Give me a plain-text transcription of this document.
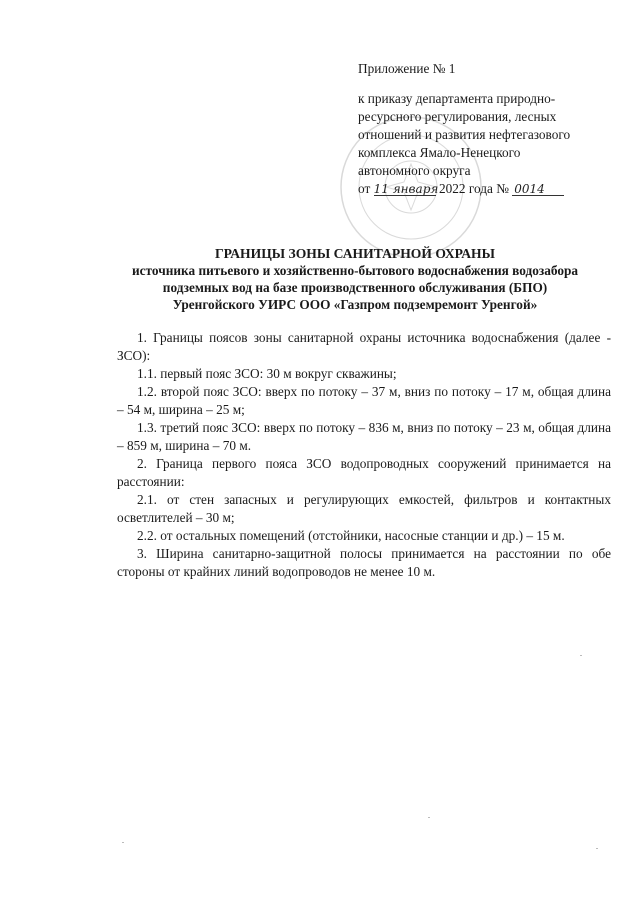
Приложение № 1
к приказу департамента природно-
ресурсного регулирования, лесных
отношений и развития нефтегазового
комплекса Ямало-Ненецкого
автономного округа
от 11 января 2022 года № 0014
ГРАНИЦЫ ЗОНЫ САНИТАРНОЙ ОХРАНЫ
источника питьевого и хозяйственно-бытового водоснабжения водозабора
подземных вод на базе производственного обслуживания (БПО)
Уренгойского УИРС ООО «Газпром подземремонт Уренгой»

1. Границы поясов зоны санитарной охраны источника водоснабжения (далее - ЗСО):

1.1. первый пояс ЗСО: 30 м вокруг скважины;

1.2. второй пояс ЗСО: вверх по потоку – 37 м, вниз по потоку – 17 м, общая длина – 54 м, ширина – 25 м;

1.3. третий пояс ЗСО: вверх по потоку – 836 м, вниз по потоку – 23 м, общая длина – 859 м, ширина – 70 м.

2. Граница первого пояса ЗСО водопроводных сооружений принимается на расстоянии:

2.1. от стен запасных и регулирующих емкостей, фильтров и контактных осветлителей – 30 м;

2.2. от остальных помещений (отстойники, насосные станции и др.) – 15 м.

3. Ширина санитарно-защитной полосы принимается на расстоянии по обе стороны от крайних линий водопроводов не менее 10 м.
